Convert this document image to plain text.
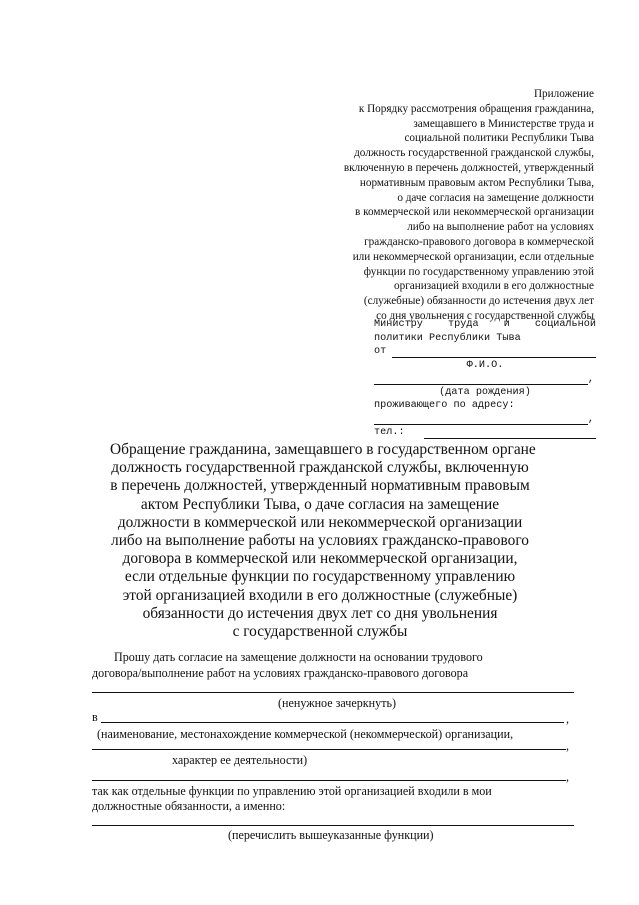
Приложение
к Порядку рассмотрения обращения гражданина,
замещавшего в Министерстве труда и
социальной политики Республики Тыва
должность государственной гражданской службы,
включенную в перечень должностей, утвержденный
нормативным правовым актом Республики Тыва,
о даче согласия на замещение должности
в коммерческой или некоммерческой организации
либо на выполнение работ на условиях
гражданско-правового договора в коммерческой
или некоммерческой организации, если отдельные
функции по государственному управлению этой
организацией входили в его должностные
(служебные) обязанности до истечения двух лет
со дня увольнения с государственной службы
Министру труда и социальной
политики Республики Тыва
от
Ф.И.О.
,
(дата рождения)
проживающего по адресу:
,
тел.:
Обращение гражданина, замещавшего в государственном органе
должность государственной гражданской службы, включенную
в перечень должностей, утвержденный нормативным правовым
актом Республики Тыва, о даче согласия на замещение
должности в коммерческой или некоммерческой организации
либо на выполнение работы на условиях гражданско-правового
договора в коммерческой или некоммерческой организации,
если отдельные функции по государственному управлению
этой организацией входили в его должностные (служебные)
обязанности до истечения двух лет со дня увольнения
с государственной службы
Прошу дать согласие на замещение должности на основании трудового
договора/выполнение работ на условиях гражданско-правового договора
(ненужное зачеркнуть)
в	,
(наименование, местонахождение коммерческой (некоммерческой) организации,
,
характер ее деятельности)
,
так как отдельные функции по управлению этой организацией входили в мои
должностные обязанности, а именно:
(перечислить вышеуказанные функции)
